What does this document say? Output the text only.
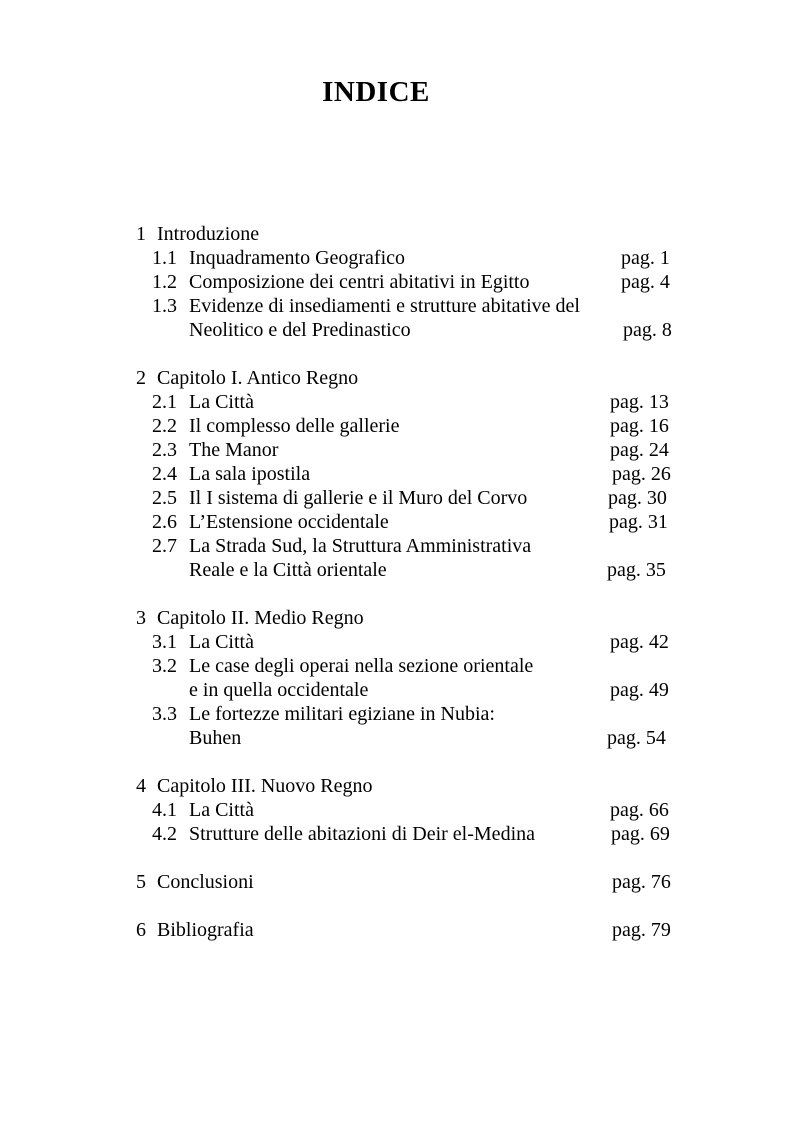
INDICE
1 Introduzione
1.1 Inquadramento Geografico	pag. 1
1.2 Composizione dei centri abitativi in Egitto	pag. 4
1.3 Evidenze di insediamenti e strutture abitative del
Neolitico e del Predinastico	pag. 8
2 Capitolo I. Antico Regno
2.1 La Città	pag. 13
2.2 Il complesso delle gallerie	pag. 16
2.3 The Manor	pag. 24
2.4 La sala ipostila	pag. 26
2.5 Il I sistema di gallerie e il Muro del Corvo	pag. 30
2.6 L’Estensione occidentale	pag. 31
2.7 La Strada Sud, la Struttura Amministrativa
Reale e la Città orientale	pag. 35
3 Capitolo II. Medio Regno
3.1 La Città	pag. 42
3.2 Le case degli operai nella sezione orientale
e in quella occidentale	pag. 49
3.3 Le fortezze militari egiziane in Nubia:
Buhen	pag. 54
4 Capitolo III. Nuovo Regno
4.1 La Città	pag. 66
4.2 Strutture delle abitazioni di Deir el-Medina	pag. 69
5 Conclusioni	pag. 76
6 Bibliografia	pag. 79
